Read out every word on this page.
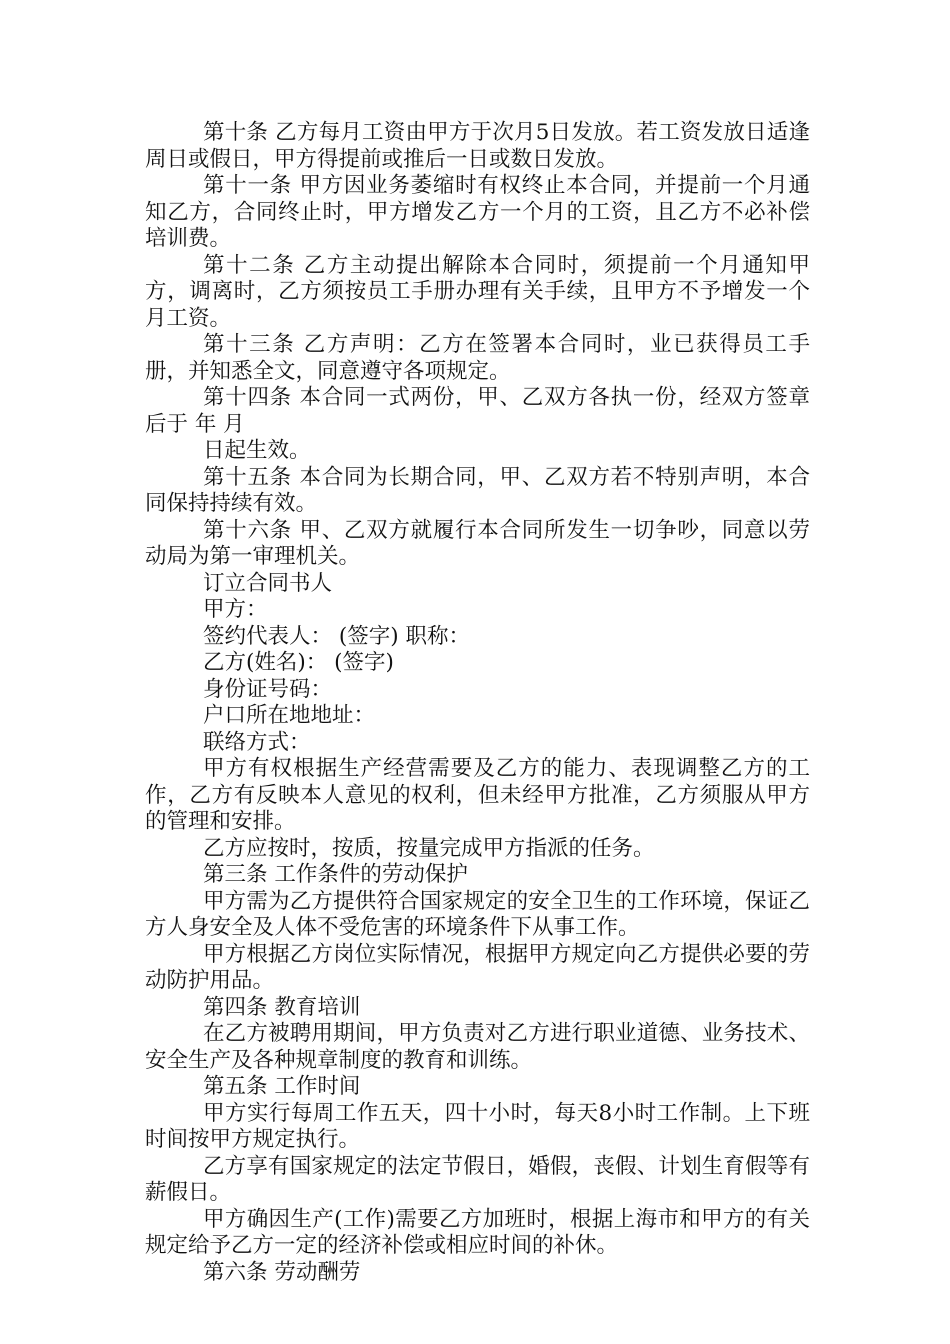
第十条 乙方每月工资由甲方于次月5日发放。若工资发放日适逢周日或假日，甲方得提前或推后一日或数日发放。

第十一条 甲方因业务萎缩时有权终止本合同，并提前一个月通知乙方，合同终止时，甲方增发乙方一个月的工资，且乙方不必补偿培训费。

第十二条 乙方主动提出解除本合同时，须提前一个月通知甲方，调离时，乙方须按员工手册办理有关手续，且甲方不予增发一个月工资。

第十三条 乙方声明：乙方在签署本合同时，业已获得员工手册，并知悉全文，同意遵守各项规定。

第十四条 本合同一式两份，甲、乙双方各执一份，经双方签章后于 年 月

日起生效。

第十五条 本合同为长期合同，甲、乙双方若不特别声明，本合同保持持续有效。

第十六条 甲、乙双方就履行本合同所发生一切争吵，同意以劳动局为第一审理机关。

订立合同书人

甲方：

签约代表人： (签字) 职称：

乙方(姓名)： (签字)

身份证号码：

户口所在地地址：

联络方式：

甲方有权根据生产经营需要及乙方的能力、表现调整乙方的工作，乙方有反映本人意见的权利，但未经甲方批准，乙方须服从甲方的管理和安排。

乙方应按时，按质，按量完成甲方指派的任务。

第三条 工作条件的劳动保护

甲方需为乙方提供符合国家规定的安全卫生的工作环境，保证乙方人身安全及人体不受危害的环境条件下从事工作。

甲方根据乙方岗位实际情况，根据甲方规定向乙方提供必要的劳动防护用品。

第四条 教育培训

在乙方被聘用期间，甲方负责对乙方进行职业道德、业务技术、安全生产及各种规章制度的教育和训练。

第五条 工作时间

甲方实行每周工作五天，四十小时，每天8小时工作制。上下班时间按甲方规定执行。

乙方享有国家规定的法定节假日，婚假，丧假、计划生育假等有薪假日。

甲方确因生产(工作)需要乙方加班时，根据上海市和甲方的有关规定给予乙方一定的经济补偿或相应时间的补休。

第六条 劳动酬劳
